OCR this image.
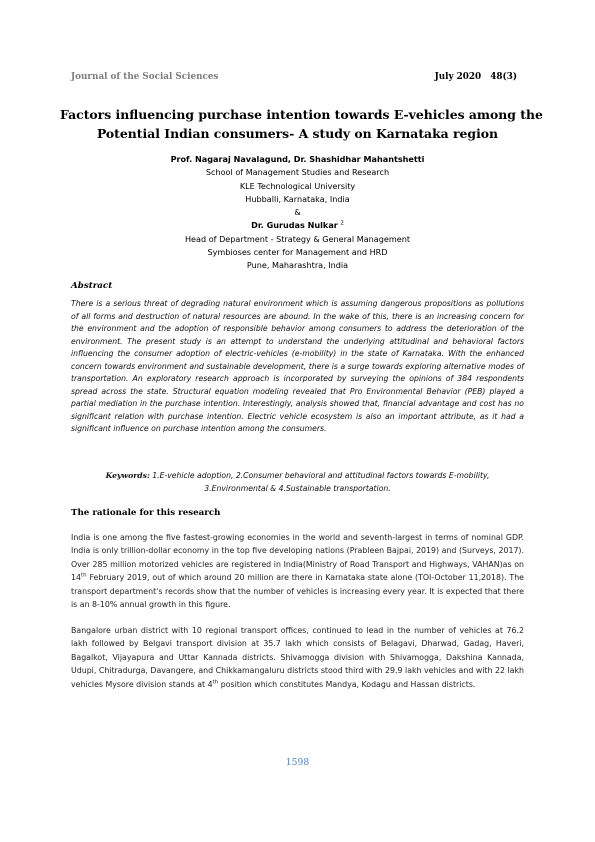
Journal of the Social Sciences	July 2020   48(3)
Factors influencing purchase intention towards E-vehicles among the
Potential Indian consumers- A study on Karnataka region
Prof. Nagaraj Navalagund, Dr. Shashidhar Mahantshetti
School of Management Studies and Research
KLE Technological University
Hubballi, Karnataka, India
&
Dr. Gurudas Nulkar $^2$
Head of Department - Strategy & General Management
Symbioses center for Management and HRD
Pune, Maharashtra, India
Abstract

There is a serious threat of degrading natural environment which is assuming dangerous propositions as pollutions of all forms and destruction of natural resources are abound. In the wake of this, there is an increasing concern for the environment and the adoption of responsible behavior among consumers to address the deterioration of the environment. The present study is an attempt to understand the underlying attitudinal and behavioral factors influencing the consumer adoption of electric-vehicles (e-mobility) in the state of Karnataka. With the enhanced concern towards environment and sustainable development, there is a surge towards exploring alternative modes of transportation. An exploratory research approach is incorporated by surveying the opinions of 384 respondents spread across the state. Structural equation modeling revealed that Pro Environmental Behavior (PEB) played a partial mediation in the purchase intention. Interestingly, analysis showed that, financial advantage and cost has no significant relation with purchase intention. Electric vehicle ecosystem is also an important attribute, as it had a significant influence on purchase intention among the consumers.

Keywords: 1.E-vehicle adoption, 2.Consumer behavioral and attitudinal factors towards E-mobility,
3.Environmental & 4.Sustainable transportation.
The rationale for this research

India is one among the five fastest-growing economies in the world and seventh-largest in terms of nominal GDP. India is only trillion-dollar economy in the top five developing nations (Prableen Bajpai, 2019) and (Surveys, 2017). Over 285 million motorized vehicles are registered in India(Ministry of Road Transport and Highways, VAHAN)as on 14th February 2019, out of which around 20 million are there in Karnataka state alone (TOI-October 11,2018). The transport department's records show that the number of vehicles is increasing every year. It is expected that there is an 8-10% annual growth in this figure.

Bangalore urban district with 10 regional transport offices, continued to lead in the number of vehicles at 76.2 lakh followed by Belgavi transport division at 35.7 lakh which consists of Belagavi, Dharwad, Gadag, Haveri, Bagalkot, Vijayapura and Uttar Kannada districts. Shivamogga division with Shivamogga, Dakshina Kannada, Udupi, Chitradurga, Davangere, and Chikkamangaluru districts stood third with 29.9 lakh vehicles and with 22 lakh vehicles Mysore division stands at 4th position which constitutes Mandya, Kodagu and Hassan districts.

1598
